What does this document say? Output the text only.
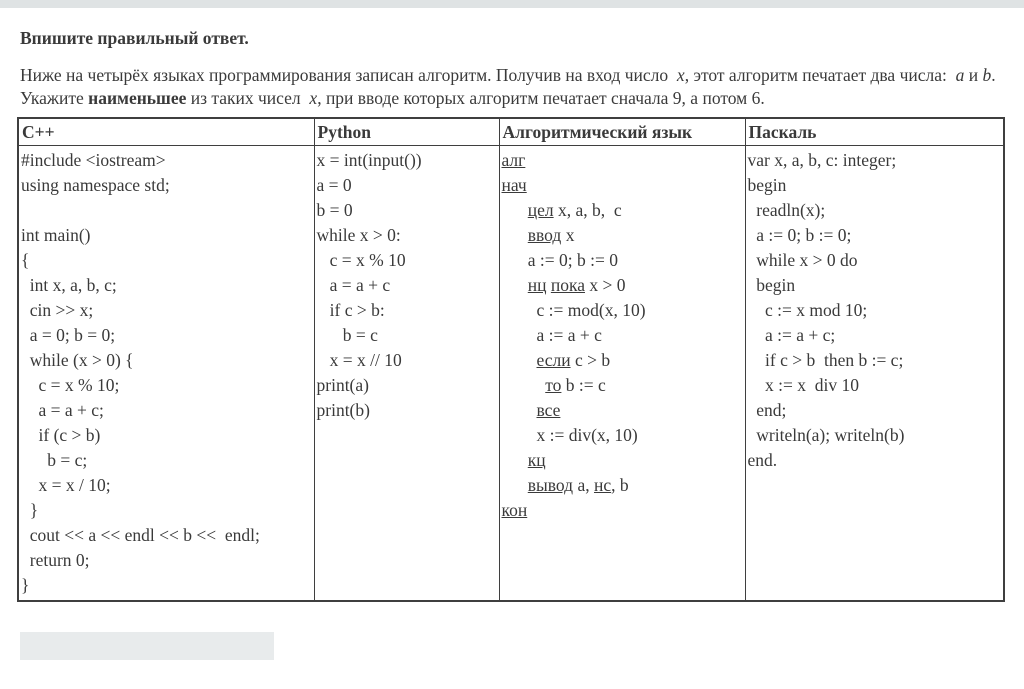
Впишите правильный ответ.
Ниже на четырёх языках программирования записан алгоритм. Получив на вход число  x, этот алгоритм печатает два числа:  a и b. Укажите наименьшее из таких чисел  x, при вводе которых алгоритм печатает сначала 9, а потом 6.
C++	Python	Алгоритмический язык	Паскаль

#include <iostream>
using namespace std;
int main()
{
int x, a, b, c;
cin >> x;
a = 0; b = 0;
while (x > 0) {
c = x % 10;
a = a + c;
if (c > b)
b = c;
x = x / 10;
}
cout << a << endl << b <<  endl;
return 0;
}

x = int(input())
a = 0
b = 0
while x > 0:
c = x % 10
a = a + c
if c > b:
b = c
x = x // 10
print(a)
print(b)

алг
нач
цел x, a, b,  c
ввод x
a := 0; b := 0
нц пока x > 0
c := mod(x, 10)
a := a + c
если c > b
то b := c
все
x := div(x, 10)
кц
вывод a, нс, b
кон

var x, a, b, c: integer;
begin
readln(x);
a := 0; b := 0;
while x > 0 do
begin
c := x mod 10;
a := a + c;
if c > b  then b := c;
x := x  div 10
end;
writeln(a); writeln(b)
end.
